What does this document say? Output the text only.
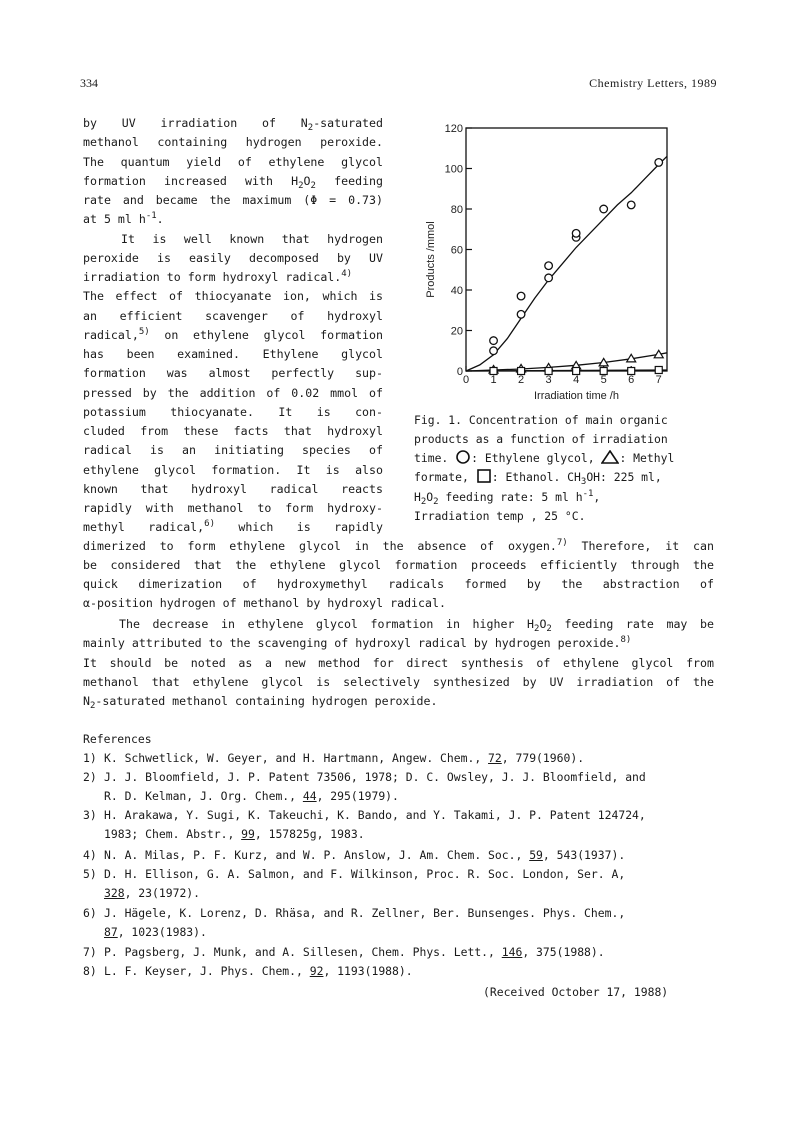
334	Chemistry Letters, 1989
by UV irradiation of $N_2$-saturated
methanol containing hydrogen peroxide.
The quantum yield of ethylene glycol
formation increased with $H_2O_2$ feeding
rate and became the maximum (Φ = 0.73)
at 5 ml $h^{-1}$.
It is well known that hydrogen
peroxide is easily decomposed by UV
irradiation to form hydroxyl radical.$^{4)}$
The effect of thiocyanate ion, which is
an efficient scavenger of hydroxyl
radical,$^{5)}$ on ethylene glycol formation
has been examined. Ethylene glycol
formation was almost perfectly sup-
pressed by the addition of 0.02 mmol of
potassium thiocyanate. It is con-
cluded from these facts that hydroxyl
radical is an initiating species of
ethylene glycol formation. It is also
known that hydroxyl radical reacts
rapidly with methanol to form hydroxy-
methyl radical,$^{6)}$ which is rapidly
0
20
40
60
80
100
120
0 1 2 3 4 5 6 7
Irradiation time /h
Products /mmol
Fig. 1. Concentration of main organic
products as a function of irradiation
time. : Ethylene glycol, : Methyl
formate, : Ethanol. $CH_3OH$: 225 ml,
$H_2O_2$ feeding rate: 5 ml $h^{-1}$,
Irradiation temp , 25 °C.
dimerized to form ethylene glycol in the absence of oxygen.$^{7)}$ Therefore, it can
be considered that the ethylene glycol formation proceeds efficiently through the
quick dimerization of hydroxymethyl radicals formed by the abstraction of
α-position hydrogen of methanol by hydroxyl radical.
The decrease in ethylene glycol formation in higher $H_2O_2$ feeding rate may be
mainly attributed to the scavenging of hydroxyl radical by hydrogen peroxide.$^{8)}$
It should be noted as a new method for direct synthesis of ethylene glycol from
methanol that ethylene glycol is selectively synthesized by UV irradiation of the
$N_2$-saturated methanol containing hydrogen peroxide.
References
1) K. Schwetlick, W. Geyer, and H. Hartmann, Angew. Chem., 72, 779(1960).
2) J. J. Bloomfield, J. P. Patent 73506, 1978; D. C. Owsley, J. J. Bloomfield, and
R. D. Kelman, J. Org. Chem., 44, 295(1979).
3) H. Arakawa, Y. Sugi, K. Takeuchi, K. Bando, and Y. Takami, J. P. Patent 124724,
1983; Chem. Abstr., 99, 157825g, 1983.
4) N. A. Milas, P. F. Kurz, and W. P. Anslow, J. Am. Chem. Soc., 59, 543(1937).
5) D. H. Ellison, G. A. Salmon, and F. Wilkinson, Proc. R. Soc. London, Ser. A,
328, 23(1972).
6) J. Hägele, K. Lorenz, D. Rhäsa, and R. Zellner, Ber. Bunsenges. Phys. Chem.,
87, 1023(1983).
7) P. Pagsberg, J. Munk, and A. Sillesen, Chem. Phys. Lett., 146, 375(1988).
8) L. F. Keyser, J. Phys. Chem., 92, 1193(1988).
(Received October 17, 1988)
